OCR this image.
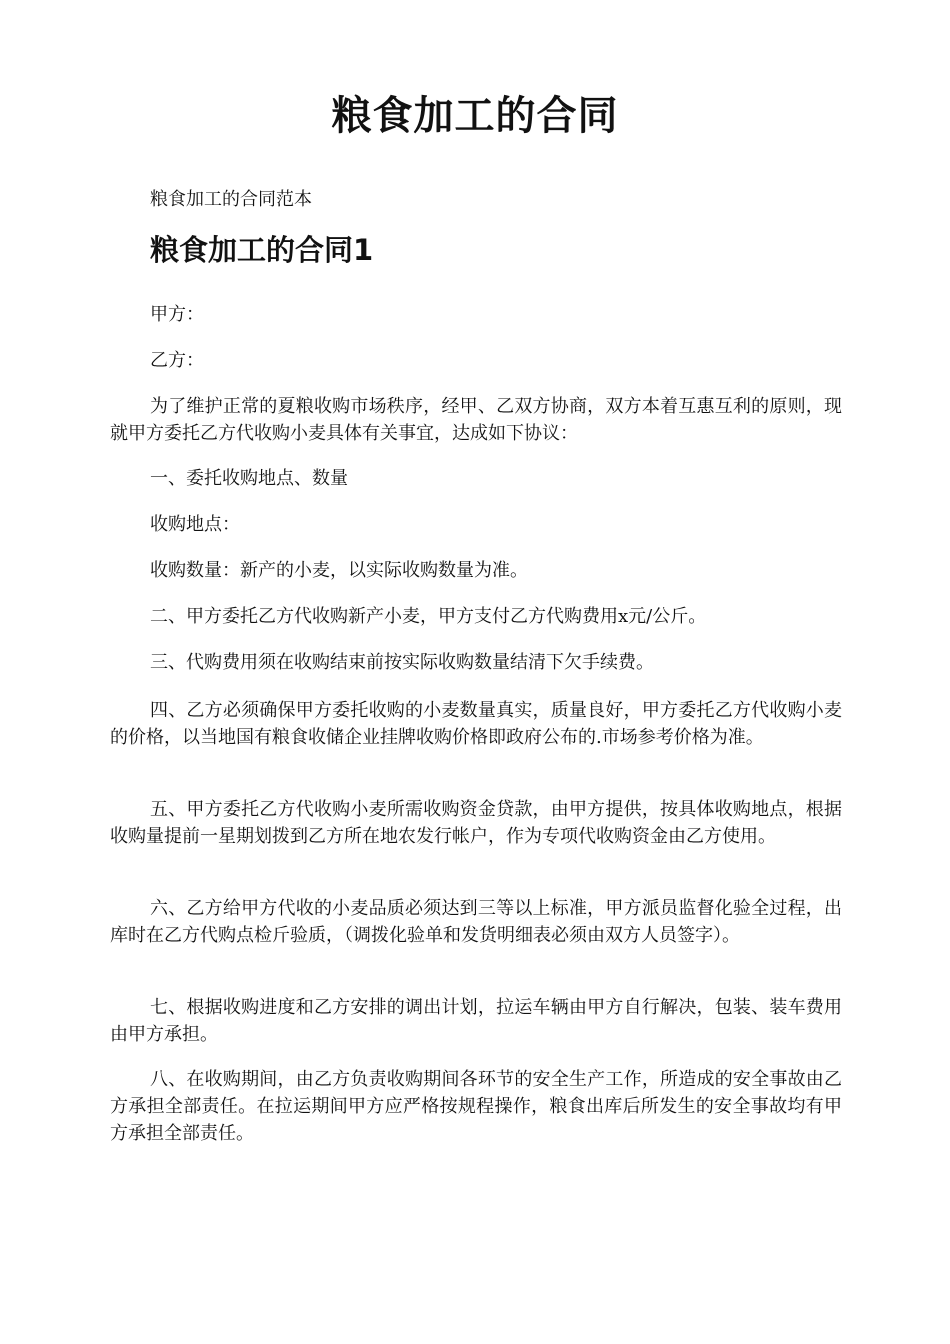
粮食加工的合同

粮食加工的合同范本

粮食加工的合同1

甲方：

乙方：

为了维护正常的夏粮收购市场秩序，经甲、乙双方协商，双方本着互惠互利的原则，现就甲方委托乙方代收购小麦具体有关事宜，达成如下协议：

一、委托收购地点、数量

收购地点：

收购数量：新产的小麦，以实际收购数量为准。

二、甲方委托乙方代收购新产小麦，甲方支付乙方代购费用x元/公斤。

三、代购费用须在收购结束前按实际收购数量结清下欠手续费。

四、乙方必须确保甲方委托收购的小麦数量真实，质量良好，甲方委托乙方代收购小麦的价格，以当地国有粮食收储企业挂牌收购价格即政府公布的.市场参考价格为准。

五、甲方委托乙方代收购小麦所需收购资金贷款，由甲方提供，按具体收购地点，根据收购量提前一星期划拨到乙方所在地农发行帐户，作为专项代收购资金由乙方使用。

六、乙方给甲方代收的小麦品质必须达到三等以上标准，甲方派员监督化验全过程，出库时在乙方代购点检斤验质，（调拨化验单和发货明细表必须由双方人员签字）。

七、根据收购进度和乙方安排的调出计划，拉运车辆由甲方自行解决，包装、装车费用由甲方承担。

八、在收购期间，由乙方负责收购期间各环节的安全生产工作，所造成的安全事故由乙方承担全部责任。在拉运期间甲方应严格按规程操作，粮食出库后所发生的安全事故均有甲方承担全部责任。
